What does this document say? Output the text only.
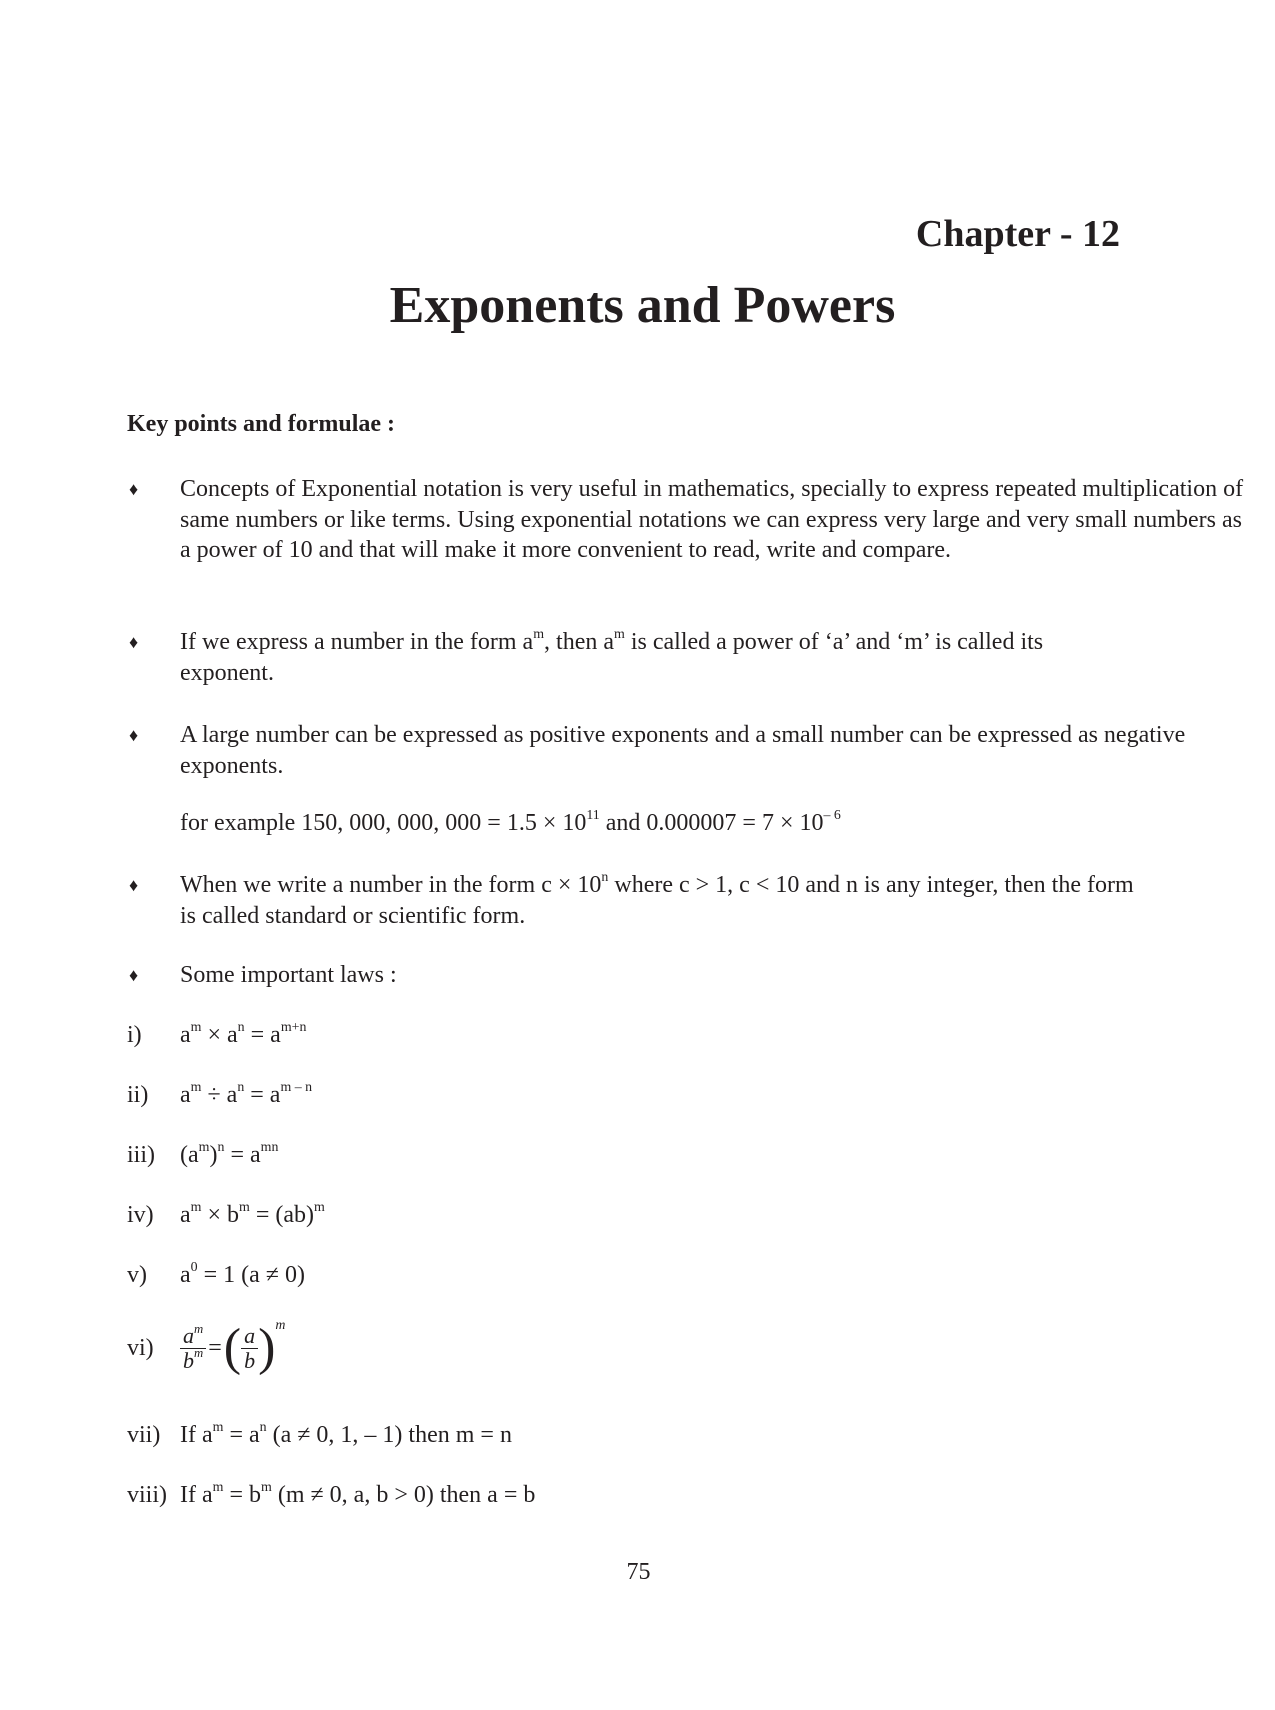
Chapter - 12
Exponents and Powers
Key points and formulae :
♦ Concepts of Exponential notation is very useful in mathematics, specially to express repeated multiplication of same numbers or like terms. Using exponential notations we can express very large and very small numbers as a power of 10 and that will make it more convenient to read, write and compare.
♦ If we express a number in the form $a^m$, then $a^m$ is called a power of ‘a’ and ‘m’ is called its exponent.
♦ A large number can be expressed as positive exponents and a small number can be expressed as negative exponents.
for example 150, 000, 000, $000 = 1.5 \times 10^{11}$ and $0.000007 = 7 \times 10^{- 6}$
♦ When we write a number in the form $c \times 10^n$ where c > 1, c < 10 and n is any integer, then the form is called standard or scientific form.
♦ Some important laws :
i) $a^m \times a^n = a^{m+n}$
ii) $a^m \div a^n = a^{m - n}$
iii) $(a^m)^n = a^{mn}$
iv) $a^m \times b^m = (ab)^m$
v) $a^0 = 1$ (a ≠ 0)
$vi) \frac{a^m}{b^m}$ =( $\frac{a}{b} )^m$
vii) If $a^m = a^n$ (a ≠ 0, 1, – 1) then m = n
viii) If $a^m = b^m$ (m ≠ 0, a, b > 0) then a = b
75
